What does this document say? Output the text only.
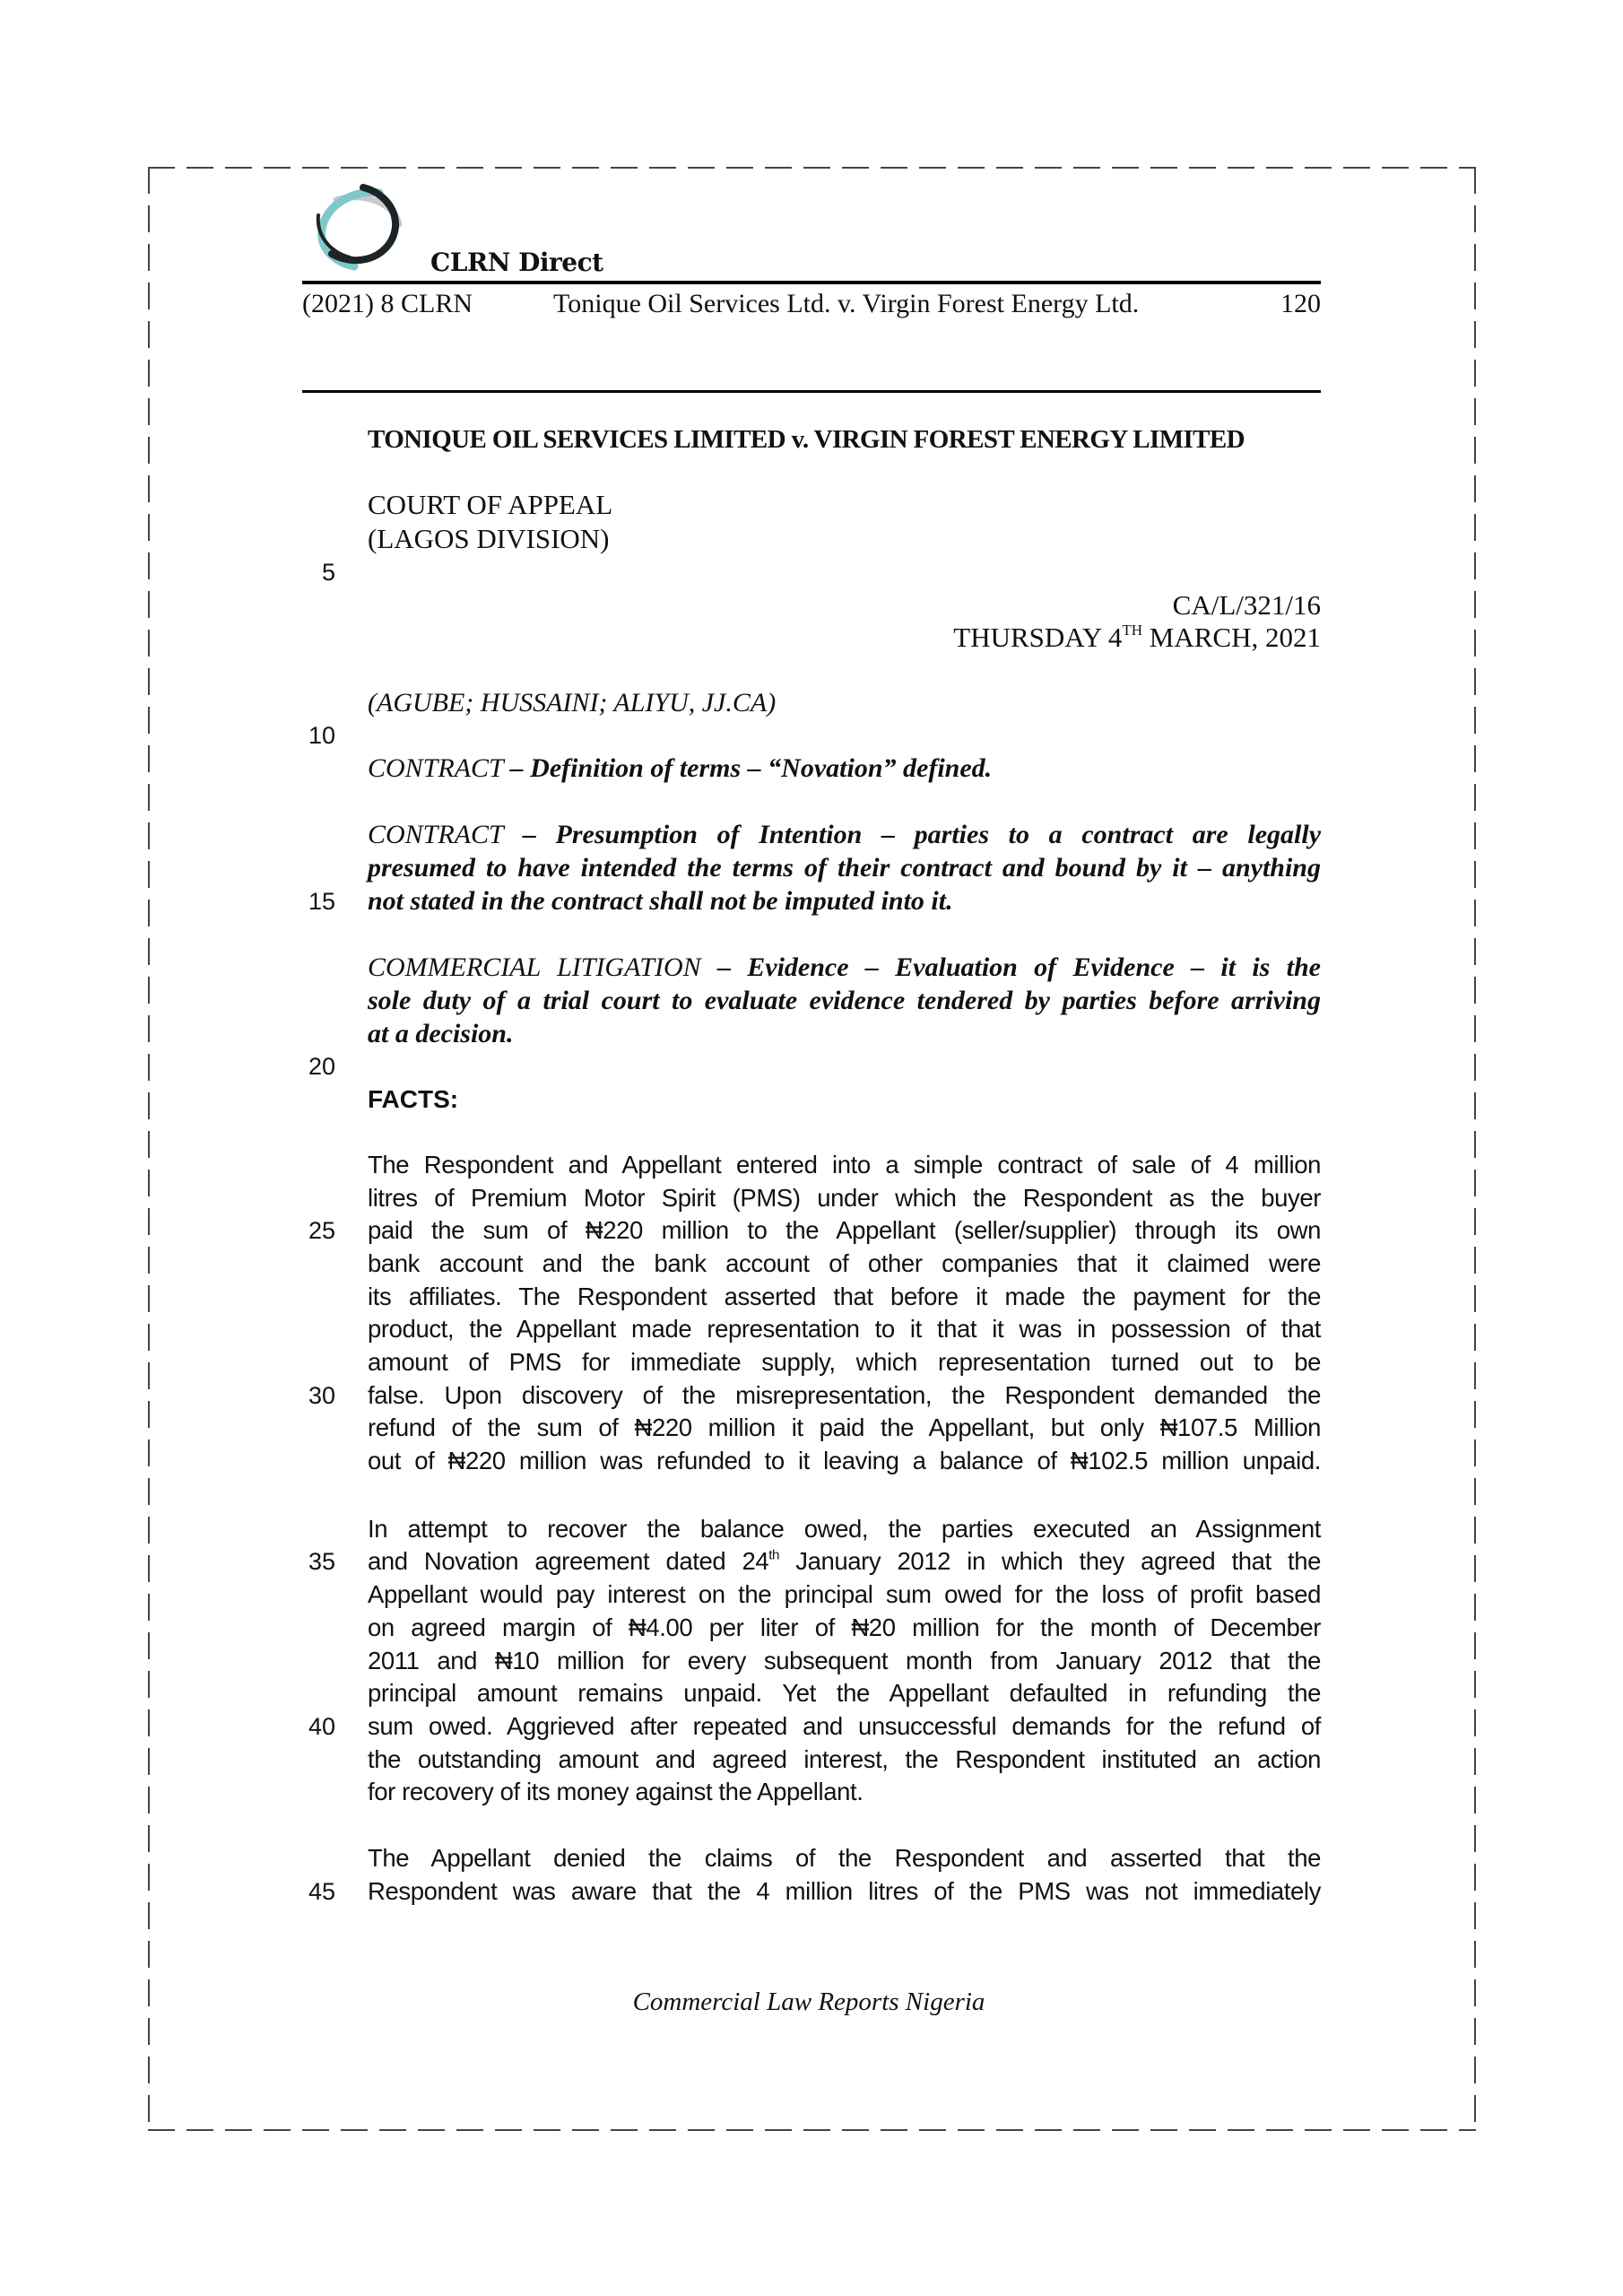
CLRN Direct
(2021) 8 CLRN	Tonique Oil Services Ltd. v. Virgin Forest Energy Ltd.	120
TONIQUE OIL SERVICES LIMITED v. VIRGIN FOREST ENERGY LIMITED
COURT OF APPEAL
(LAGOS DIVISION)
5
CA/L/321/16
THURSDAY 4TH MARCH, 2021
(AGUBE; HUSSAINI; ALIYU, JJ.CA)
10
CONTRACT – Definition of terms – “Novation” defined.
CONTRACT – Presumption of Intention – parties to a contract are legally
presumed to have intended the terms of their contract and bound by it – anything
15 not stated in the contract shall not be imputed into it.
COMMERCIAL LITIGATION – Evidence – Evaluation of Evidence – it is the
sole duty of a trial court to evaluate evidence tendered by parties before arriving
at a decision.
20
FACTS:
The Respondent and Appellant entered into a simple contract of sale of 4 million
litres of Premium Motor Spirit (PMS) under which the Respondent as the buyer
25 paid the sum of ₦220 million to the Appellant (seller/supplier) through its own
bank account and the bank account of other companies that it claimed were
its affiliates. The Respondent asserted that before it made the payment for the
product, the Appellant made representation to it that it was in possession of that
amount of PMS for immediate supply, which representation turned out to be
30 false. Upon discovery of the misrepresentation, the Respondent demanded the
refund of the sum of ₦220 million it paid the Appellant, but only ₦107.5 Million
out of ₦220 million was refunded to it leaving a balance of ₦102.5 million unpaid.
In attempt to recover the balance owed, the parties executed an Assignment
35 and Novation agreement dated 24th January 2012 in which they agreed that the
Appellant would pay interest on the principal sum owed for the loss of profit based
on agreed margin of ₦4.00 per liter of ₦20 million for the month of December
2011 and ₦10 million for every subsequent month from January 2012 that the
principal amount remains unpaid. Yet the Appellant defaulted in refunding the
40 sum owed. Aggrieved after repeated and unsuccessful demands for the refund of
the outstanding amount and agreed interest, the Respondent instituted an action
for recovery of its money against the Appellant.
The Appellant denied the claims of the Respondent and asserted that the
45 Respondent was aware that the 4 million litres of the PMS was not immediately
Commercial Law Reports Nigeria
